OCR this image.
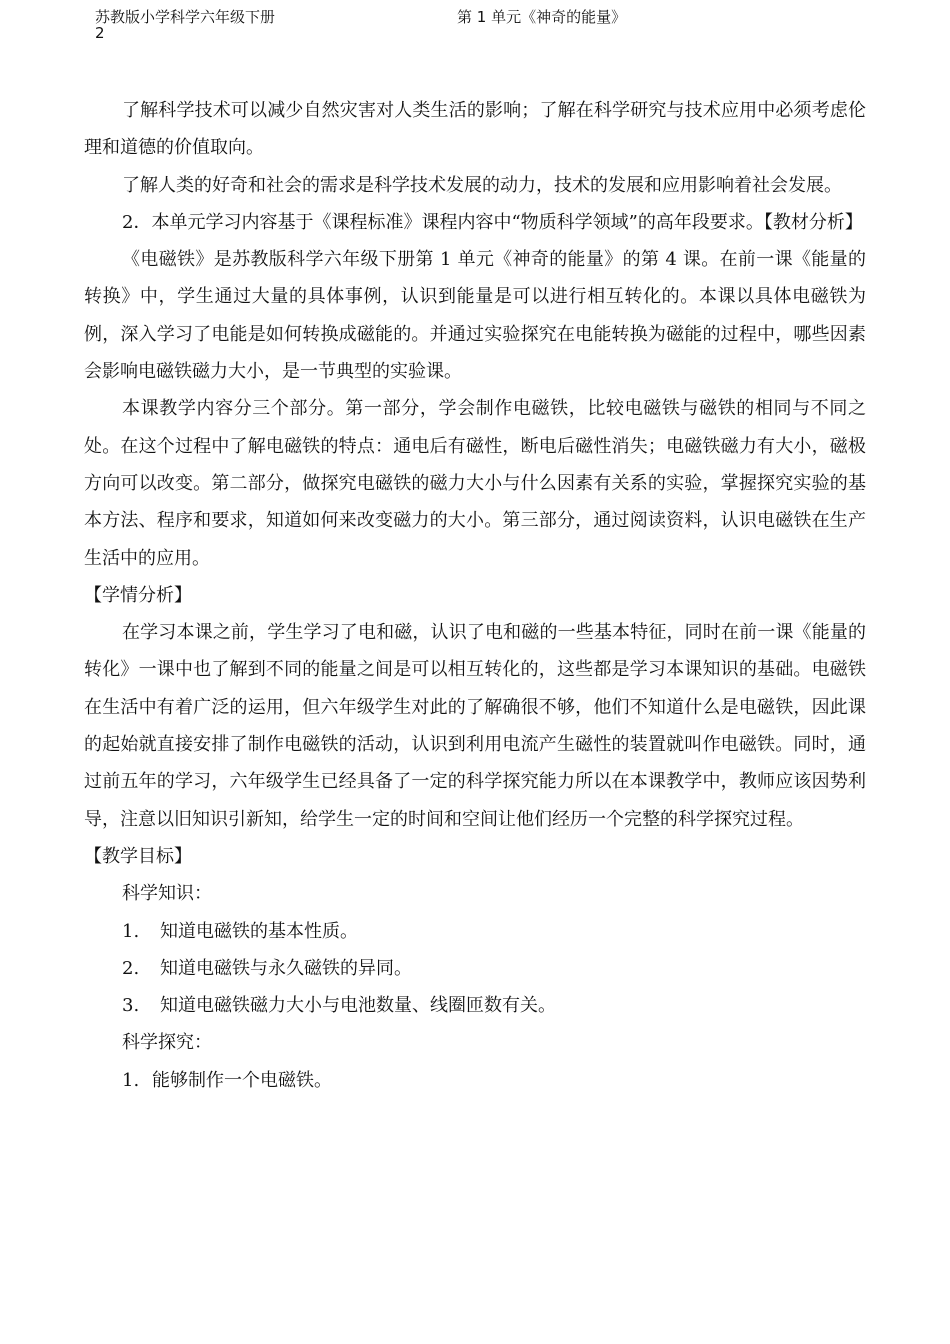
苏教版小学科学六年级下册	第 1 单元《神奇的能量》
2

了解科学技术可以减少自然灾害对人类生活的影响；了解在科学研究与技术应用中必须考虑伦理和道德的价值取向。

了解人类的好奇和社会的需求是科学技术发展的动力，技术的发展和应用影响着社会发展。

2．本单元学习内容基于《课程标准》课程内容中“物质科学领域”的高年段要求。【教材分析】

《电磁铁》是苏教版科学六年级下册第 1 单元《神奇的能量》的第 4 课。在前一课《能量的转换》中，学生通过大量的具体事例，认识到能量是可以进行相互转化的。本课以具体电磁铁为例，深入学习了电能是如何转换成磁能的。并通过实验探究在电能转换为磁能的过程中，哪些因素会影响电磁铁磁力大小，是一节典型的实验课。

本课教学内容分三个部分。第一部分，学会制作电磁铁，比较电磁铁与磁铁的相同与不同之处。在这个过程中了解电磁铁的特点：通电后有磁性，断电后磁性消失；电磁铁磁力有大小，磁极方向可以改变。第二部分，做探究电磁铁的磁力大小与什么因素有关系的实验，掌握探究实验的基本方法、程序和要求，知道如何来改变磁力的大小。第三部分，通过阅读资料，认识电磁铁在生产生活中的应用。

【学情分析】

在学习本课之前，学生学习了电和磁，认识了电和磁的一些基本特征，同时在前一课《能量的转化》一课中也了解到不同的能量之间是可以相互转化的，这些都是学习本课知识的基础。电磁铁在生活中有着广泛的运用，但六年级学生对此的了解确很不够，他们不知道什么是电磁铁，因此课的起始就直接安排了制作电磁铁的活动，认识到利用电流产生磁性的装置就叫作电磁铁。同时，通过前五年的学习，六年级学生已经具备了一定的科学探究能力所以在本课教学中，教师应该因势利导，注意以旧知识引新知，给学生一定的时间和空间让他们经历一个完整的科学探究过程。

【教学目标】

科学知识：

1. 知道电磁铁的基本性质。

2. 知道电磁铁与永久磁铁的异同。

3. 知道电磁铁磁力大小与电池数量、线圈匝数有关。

科学探究：

1. 能够制作一个电磁铁。
